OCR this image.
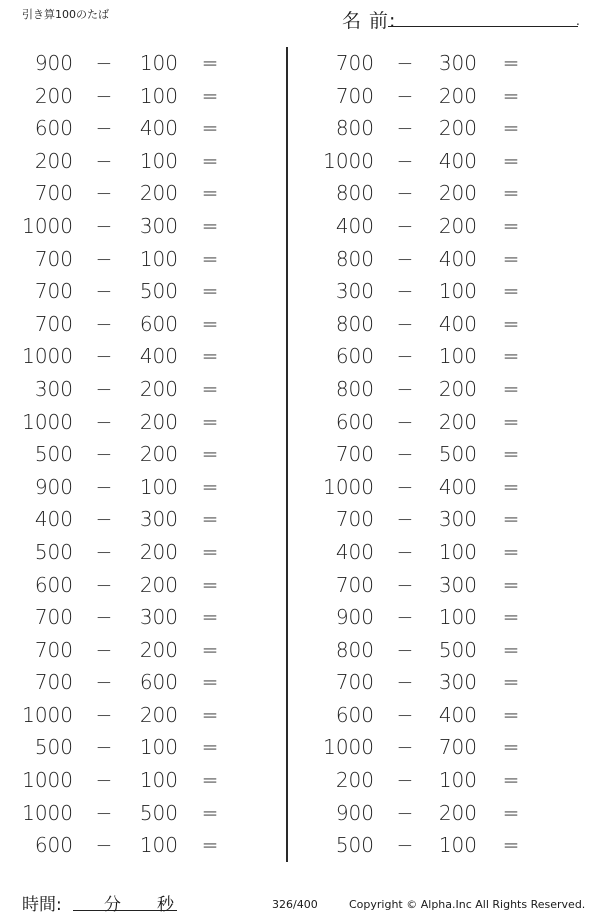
引き算100のたば	名 前:	.
900 −	100 =
200 −	100 =
600 −	400 =
200 −	100 =
700 −	200 =
1000 −	300 =
700 −	100 =
700 −	500 =
700 −	600 =
1000 −	400 =
300 −	200 =
1000 −	200 =
500 −	200 =
900 −	100 =
400 −	300 =
500 −	200 =
600 −	200 =
700 −	300 =
700 −	200 =
700 −	600 =
1000 −	200 =
500 −	100 =
1000 −	100 =
1000 −	500 =
600 −	100 =
700 −	300 =
700 −	200 =
800 −	200 =
1000 −	400 =
800 −	200 =
400 −	200 =
800 −	400 =
300 −	100 =
800 −	400 =
600 −	100 =
800 −	200 =
600 −	200 =
700 −	500 =
1000 −	400 =
700 −	300 =
400 −	100 =
700 −	300 =
900 −	100 =
800 −	500 =
700 −	300 =
600 −	400 =
1000 −	700 =
200 −	100 =
900 −	200 =
500 −	100 =
時間: 分 秒	326/400	Copyright © Alpha.Inc All Rights Reserved.
